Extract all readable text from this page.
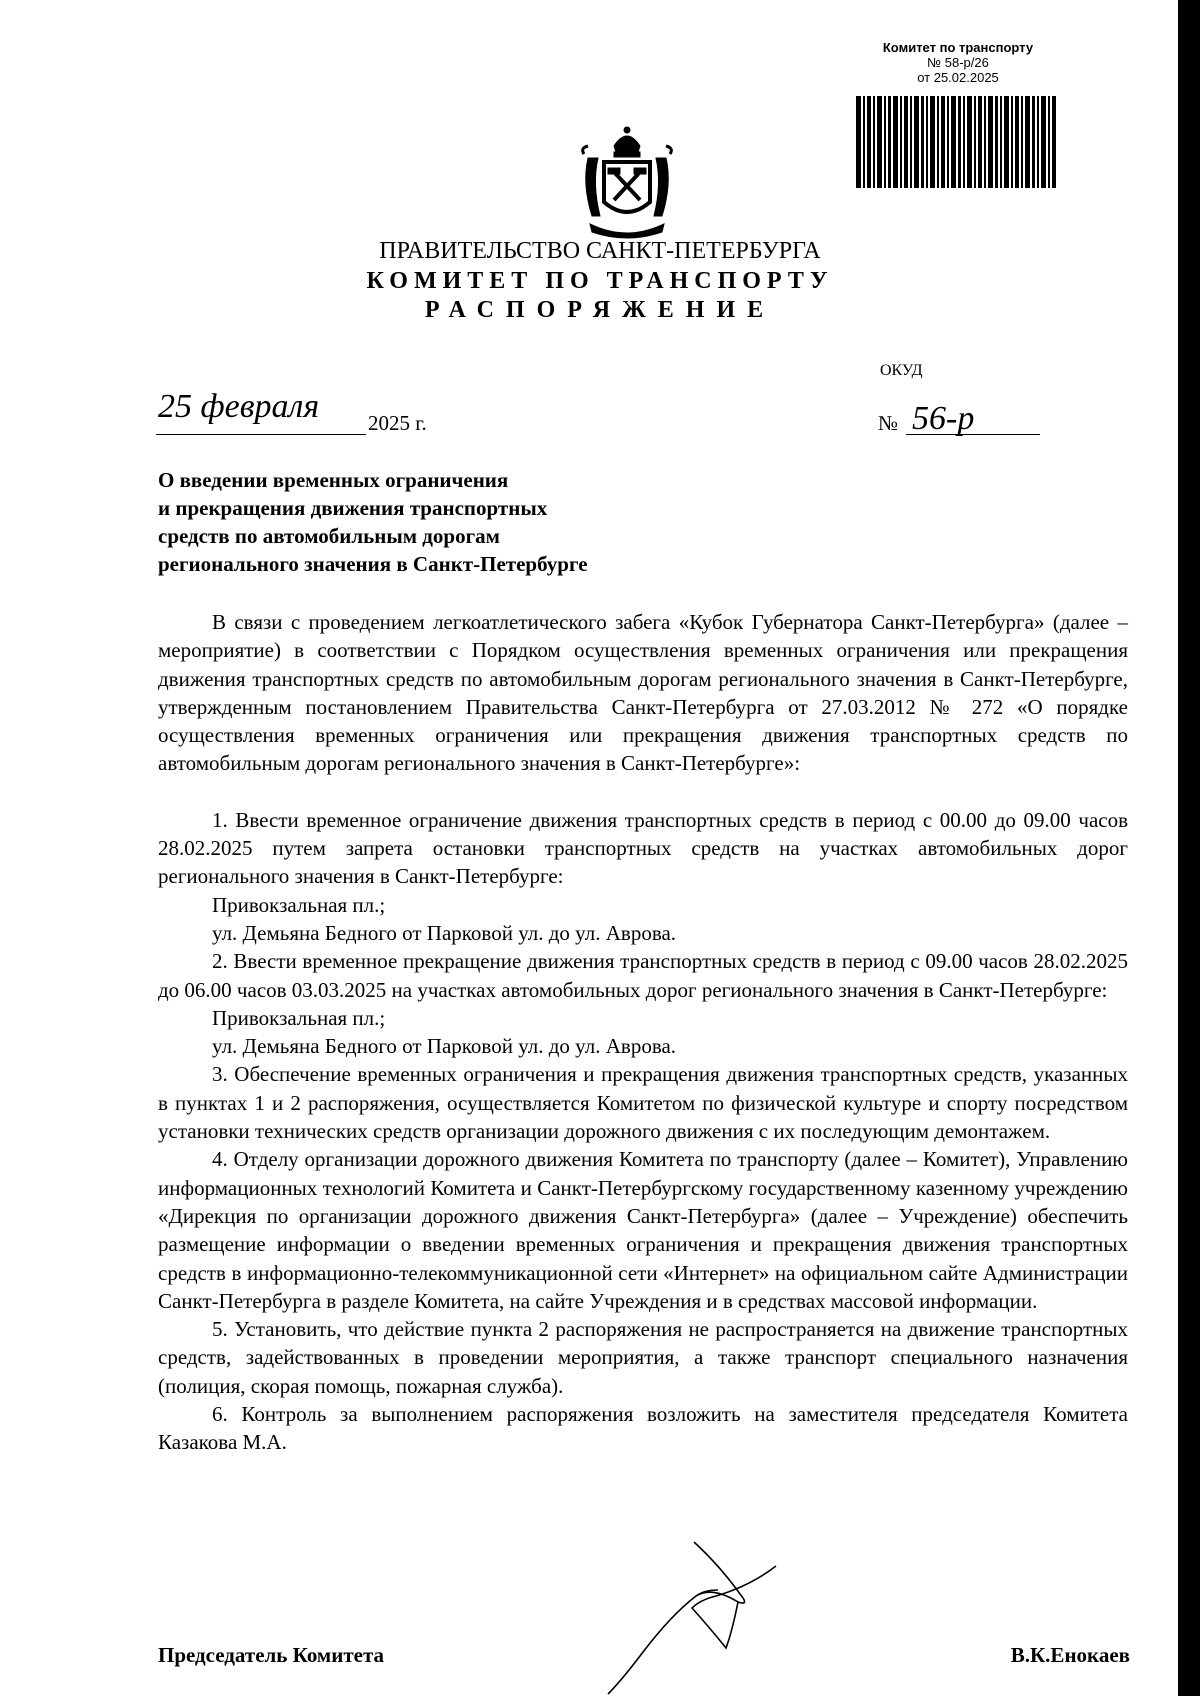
Комитет по транспорту
№ 58-р/26
от 25.02.2025
ПРАВИТЕЛЬСТВО САНКТ-ПЕТЕРБУРГА
КОМИТЕТ ПО ТРАНСПОРТУ
РАСПОРЯЖЕНИЕ
ОКУД
25 февраля 2025 г.	№ 56-р
О введении временных ограничения
и прекращения движения транспортных
средств по автомобильным дорогам
регионального значения в Санкт-Петербурге

В связи с проведением легкоатлетического забега «Кубок Губернатора Санкт-Петербурга» (далее – мероприятие) в соответствии с Порядком осуществления временных ограничения или прекращения движения транспортных средств по автомобильным дорогам регионального значения в Санкт-Петербурге, утвержденным постановлением Правительства Санкт-Петербурга от 27.03.2012 № 272 «О порядке осуществления временных ограничения или прекращения движения транспортных средств по автомобильным дорогам регионального значения в Санкт-Петербурге»:

1. Ввести временное ограничение движения транспортных средств в период с 00.00 до 09.00 часов 28.02.2025 путем запрета остановки транспортных средств на участках автомобильных дорог регионального значения в Санкт-Петербурге:

Привокзальная пл.;

ул. Демьяна Бедного от Парковой ул. до ул. Аврова.

2. Ввести временное прекращение движения транспортных средств в период с 09.00 часов 28.02.2025 до 06.00 часов 03.03.2025 на участках автомобильных дорог регионального значения в Санкт-Петербурге:

Привокзальная пл.;

ул. Демьяна Бедного от Парковой ул. до ул. Аврова.

3. Обеспечение временных ограничения и прекращения движения транспортных средств, указанных в пунктах 1 и 2 распоряжения, осуществляется Комитетом по физической культуре и спорту посредством установки технических средств организации дорожного движения с их последующим демонтажем.

4. Отделу организации дорожного движения Комитета по транспорту (далее – Комитет), Управлению информационных технологий Комитета и Санкт-Петербургскому государственному казенному учреждению «Дирекция по организации дорожного движения Санкт-Петербурга» (далее – Учреждение) обеспечить размещение информации о введении временных ограничения и прекращения движения транспортных средств в информационно-телекоммуникационной сети «Интернет» на официальном сайте Администрации Санкт-Петербурга в разделе Комитета, на сайте Учреждения и в средствах массовой информации.

5. Установить, что действие пункта 2 распоряжения не распространяется на движение транспортных средств, задействованных в проведении мероприятия, а также транспорт специального назначения (полиция, скорая помощь, пожарная служба).

6. Контроль за выполнением распоряжения возложить на заместителя председателя Комитета Казакова М.А.

Председатель Комитета	В.К.Енокаев
